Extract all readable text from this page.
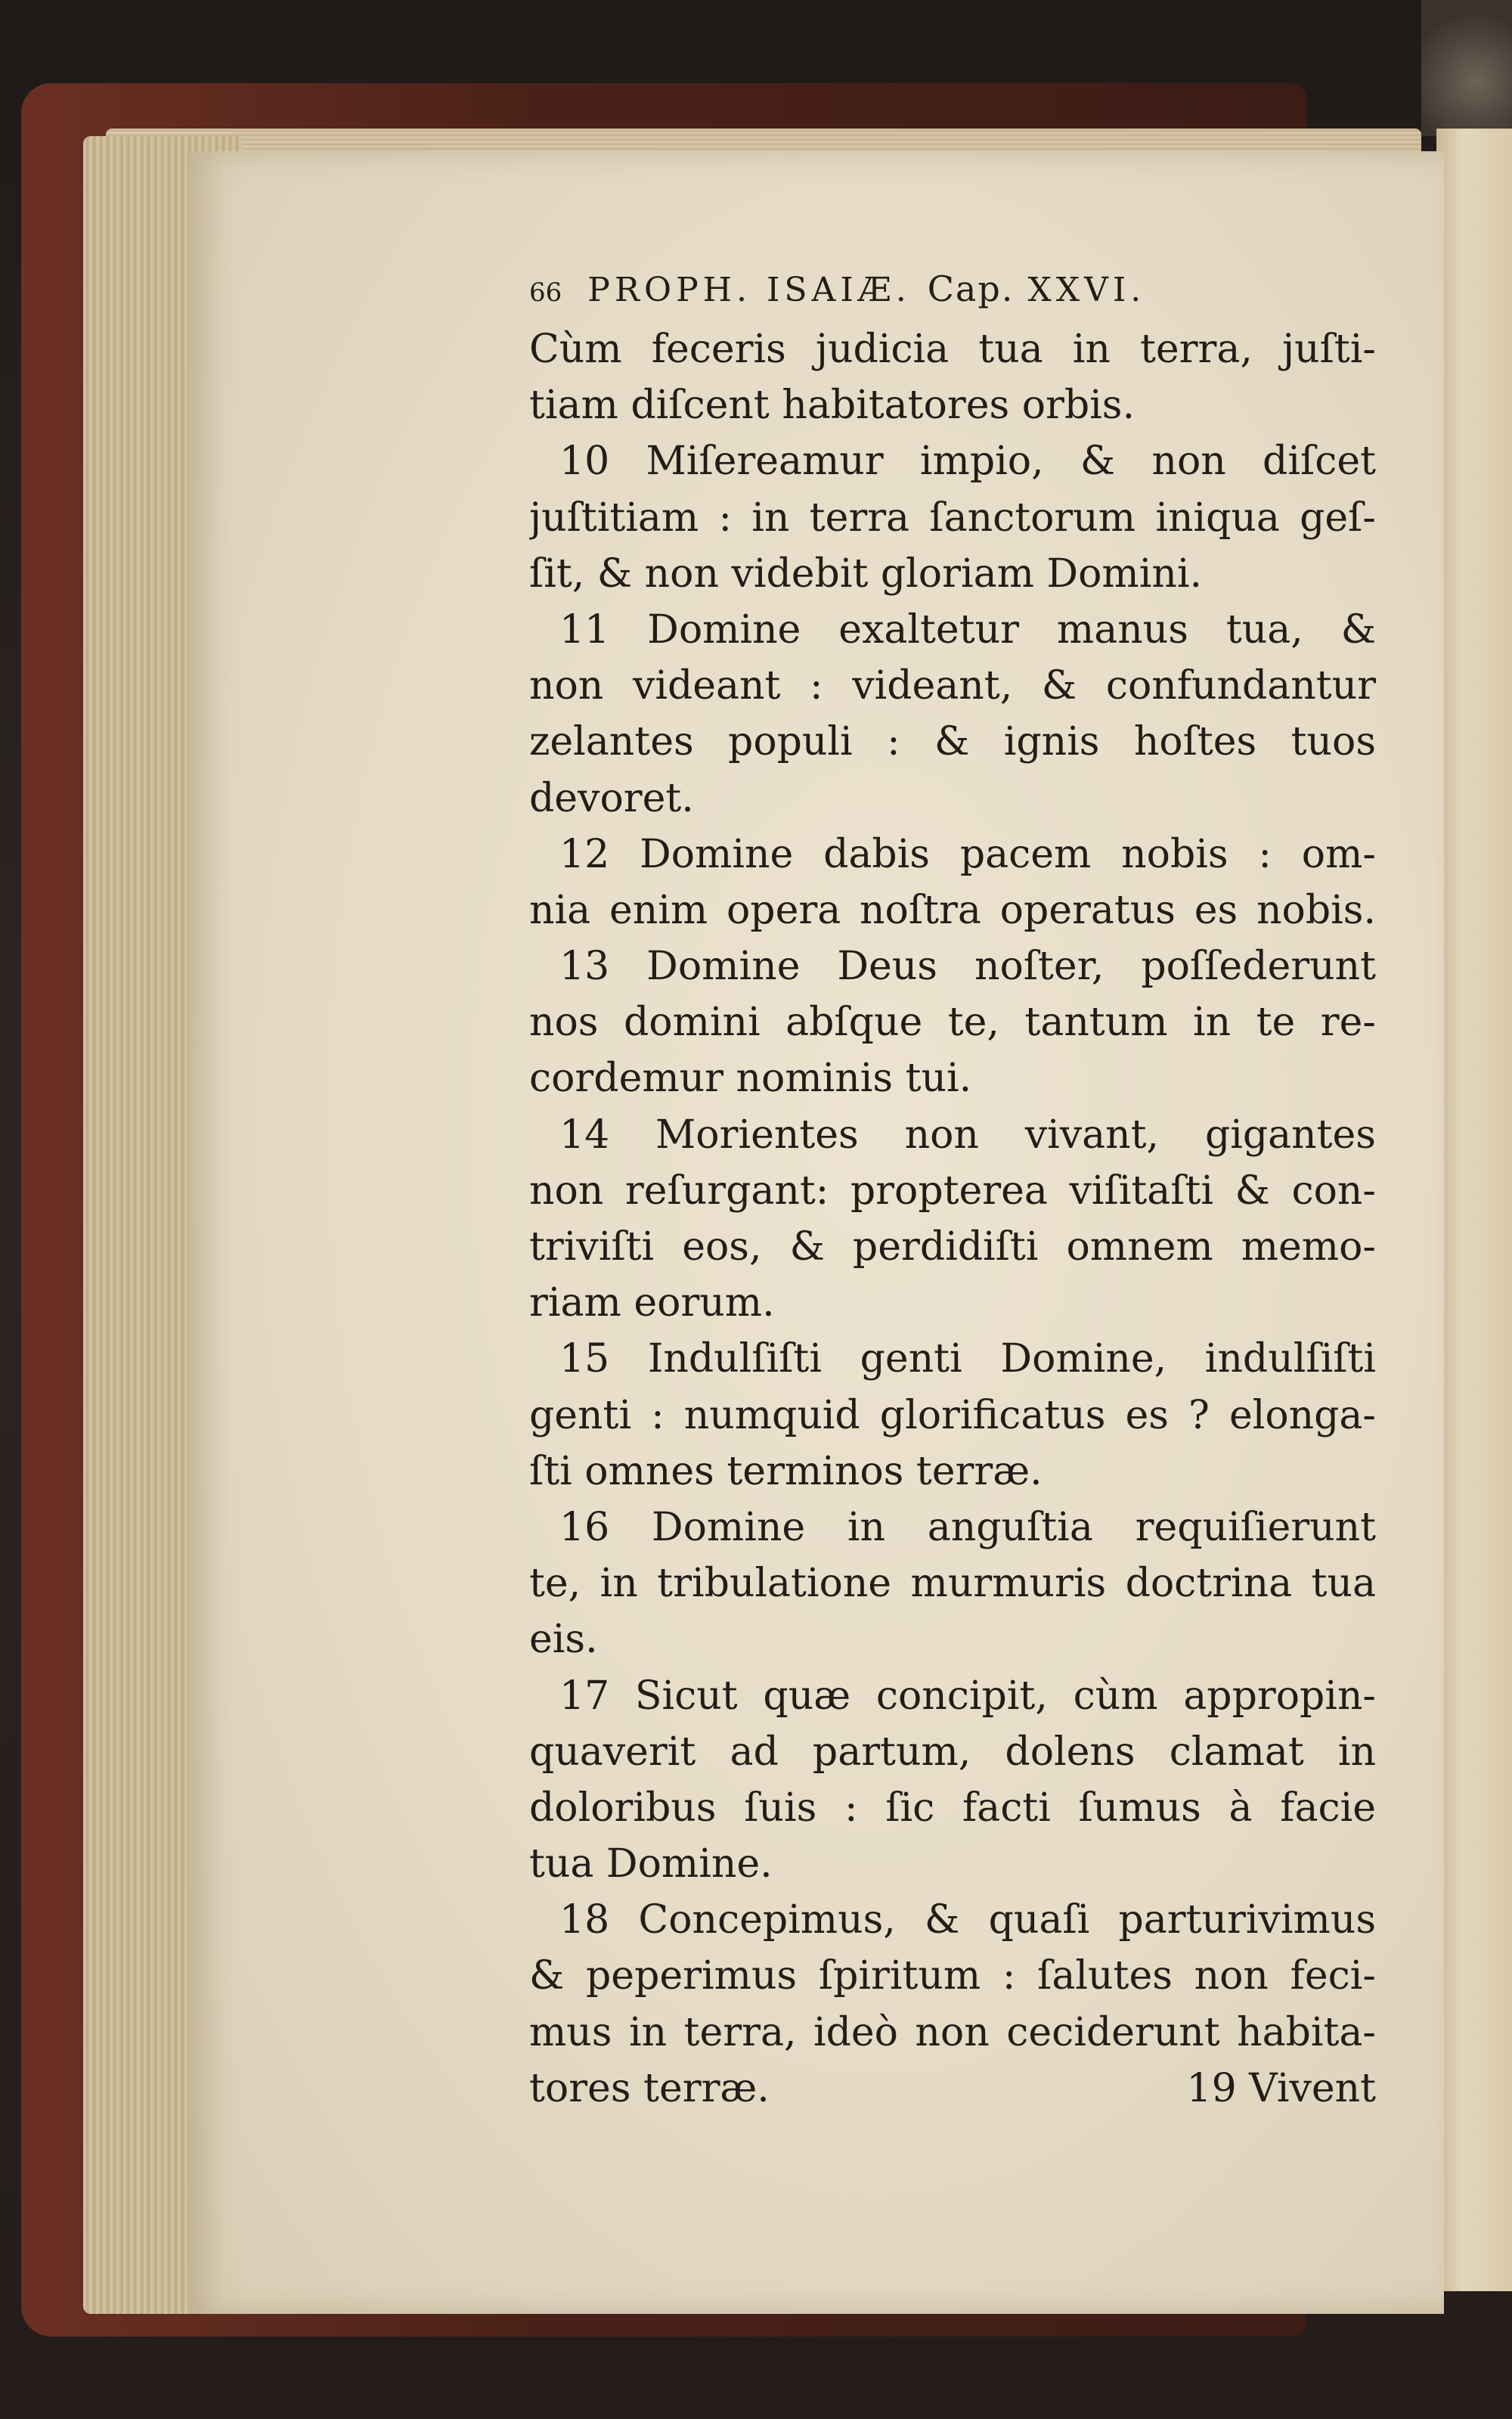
66 PROPH. ISAIÆ. Cap. XXVI.
Cùm feceris judicia tua in terra, juſti-
tiam diſcent habitatores orbis.
10 Miſereamur impio, & non diſcet
juſtitiam : in terra ſanctorum iniqua geſ-
ſit, & non videbit gloriam Domini.
11 Domine exaltetur manus tua, &
non videant : videant, & confundantur
zelantes populi : & ignis hoſtes tuos
devoret.
12 Domine dabis pacem nobis : om-
nia enim opera noſtra operatus es nobis.
13 Domine Deus noſter, poſſederunt
nos domini abſque te, tantum in te re-
cordemur nominis tui.
14 Morientes non vivant, gigantes
non reſurgant: propterea viſitaſti & con-
triviſti eos, & perdidiſti omnem memo-
riam eorum.
15 Indulſiſti genti Domine, indulſiſti
genti : numquid glorificatus es ? elonga-
ſti omnes terminos terræ.
16 Domine in anguſtia requiſierunt
te, in tribulatione murmuris doctrina tua
eis.
17 Sicut quæ concipit, cùm appropin-
quaverit ad partum, dolens clamat in
doloribus ſuis : ſic facti ſumus à facie
tua Domine.
18 Concepimus, & quaſi parturivimus
& peperimus ſpiritum : ſalutes non feci-
mus in terra, ideò non ceciderunt habita-
tores terræ.	19 Vivent
